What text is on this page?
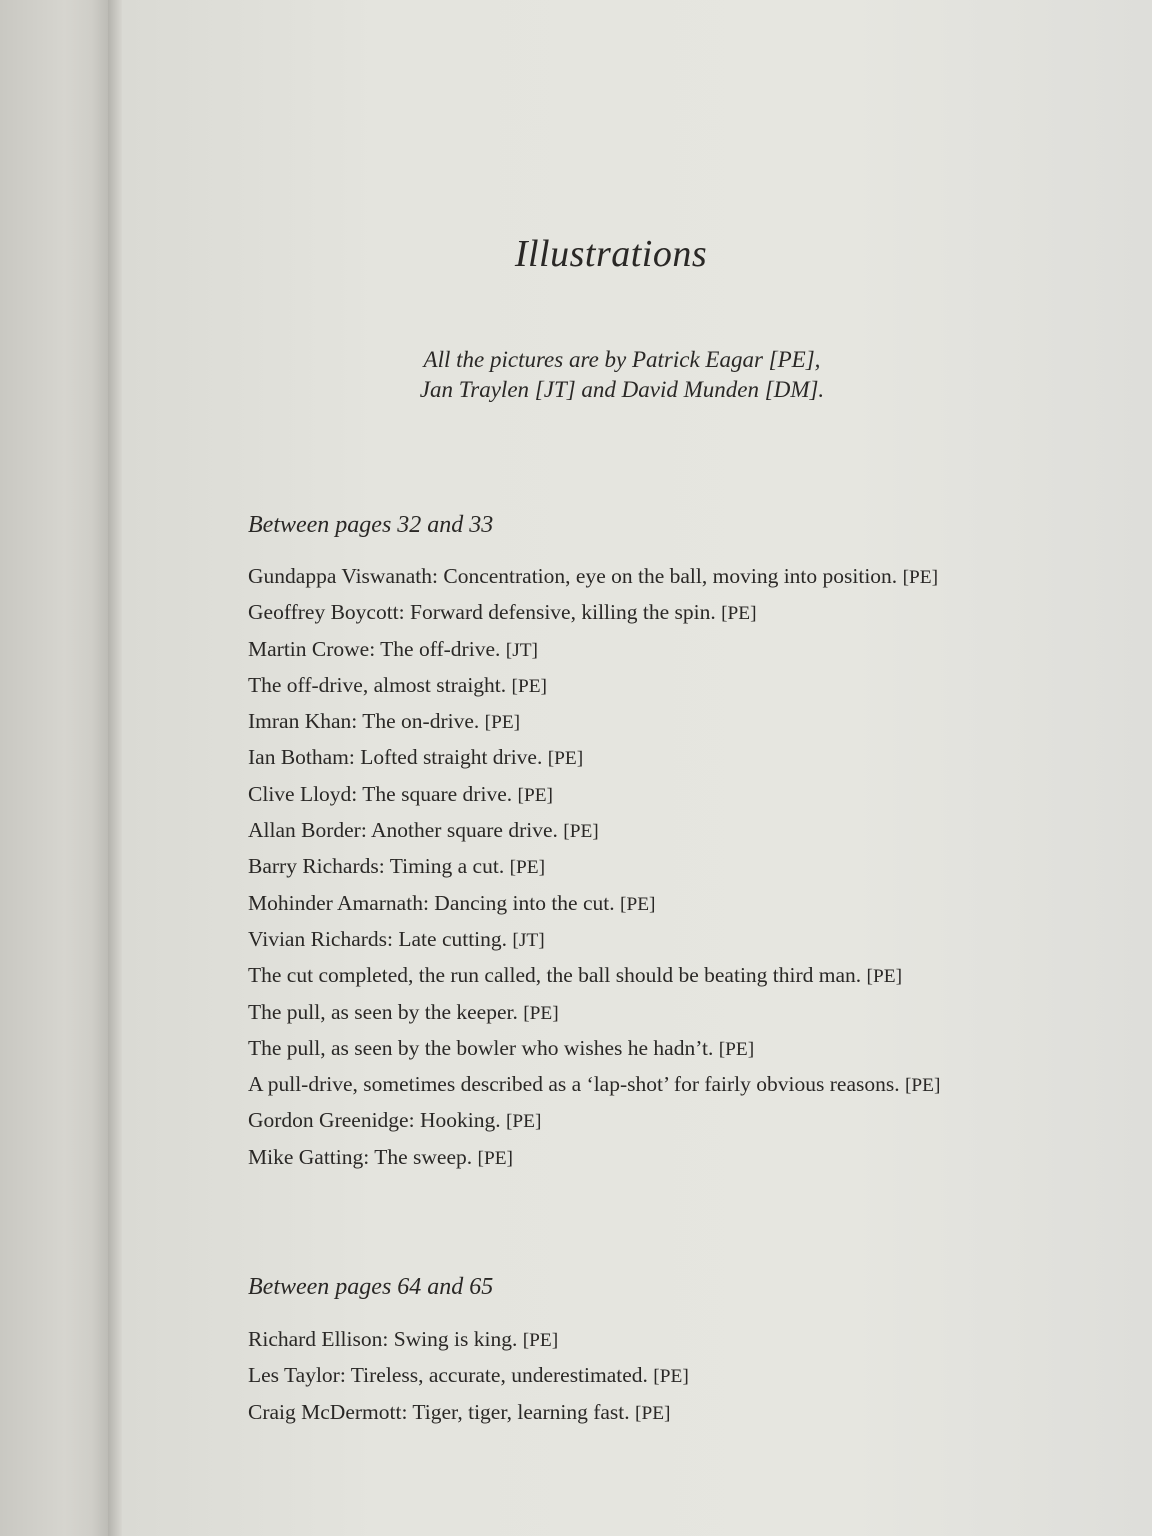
Illustrations
All the pictures are by Patrick Eagar [PE],
Jan Traylen [JT] and David Munden [DM].
Between pages 32 and 33
Gundappa Viswanath: Concentration, eye on the ball, moving into position. [PE]
Geoffrey Boycott: Forward defensive, killing the spin. [PE]
Martin Crowe: The off-drive. [JT]
The off-drive, almost straight. [PE]
Imran Khan: The on-drive. [PE]
Ian Botham: Lofted straight drive. [PE]
Clive Lloyd: The square drive. [PE]
Allan Border: Another square drive. [PE]
Barry Richards: Timing a cut. [PE]
Mohinder Amarnath: Dancing into the cut. [PE]
Vivian Richards: Late cutting. [JT]
The cut completed, the run called, the ball should be beating third man. [PE]
The pull, as seen by the keeper. [PE]
The pull, as seen by the bowler who wishes he hadn’t. [PE]
A pull-drive, sometimes described as a ‘lap-shot’ for fairly obvious reasons. [PE]
Gordon Greenidge: Hooking. [PE]
Mike Gatting: The sweep. [PE]
Between pages 64 and 65
Richard Ellison: Swing is king. [PE]
Les Taylor: Tireless, accurate, underestimated. [PE]
Craig McDermott: Tiger, tiger, learning fast. [PE]
